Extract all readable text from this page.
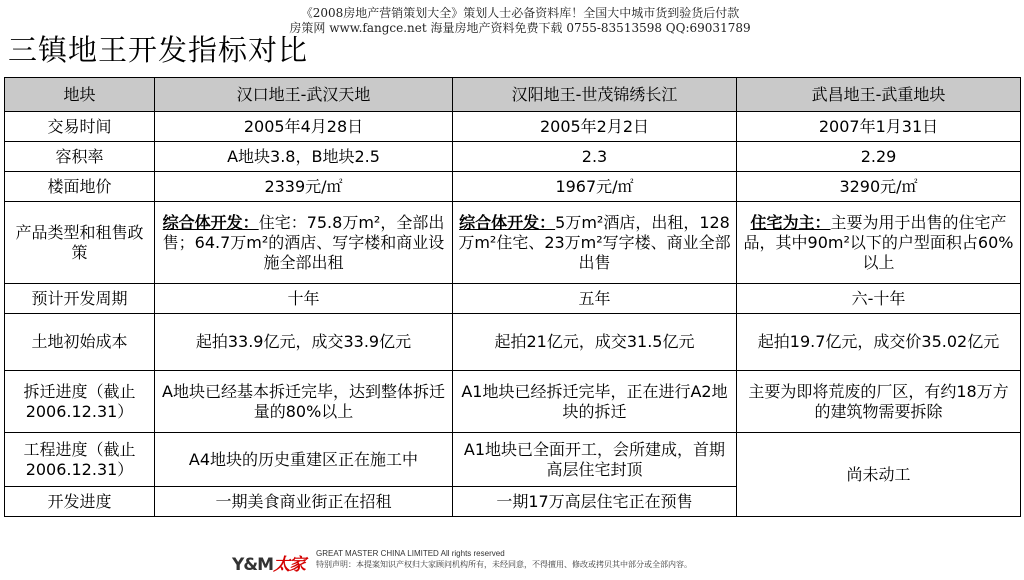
《2008房地产营销策划大全》策划人士必备资料库！全国大中城市货到验货后付款
房策网 www.fangce.net 海量房地产资料免费下载 0755-83513598 QQ:69031789
三镇地王开发指标对比
地块	汉口地王-武汉天地	汉阳地王-世茂锦绣长江	武昌地王-武重地块
交易时间	2005年4月28日	2005年2月2日	2007年1月31日
容积率	A地块3.8，B地块2.5	2.3	2.29
楼面地价	2339元/㎡	1967元/㎡	3290元/㎡
产品类型和租售政策	综合体开发：住宅：75.8万m²，全部出售；64.7万m²的酒店、写字楼和商业设施全部出租	综合体开发：5万m²酒店，出租，128万m²住宅、23万m²写字楼、商业全部出售	住宅为主：主要为用于出售的住宅产品，其中90m²以下的户型面积占60%以上
预计开发周期	十年	五年	六-十年
土地初始成本	起拍33.9亿元，成交33.9亿元	起拍21亿元，成交31.5亿元	起拍19.7亿元，成交价35.02亿元
拆迁进度（截止2006.12.31）	A地块已经基本拆迁完毕，达到整体拆迁量的80%以上	A1地块已经拆迁完毕，正在进行A2地块的拆迁	主要为即将荒废的厂区，有约18万方的建筑物需要拆除
工程进度（截止2006.12.31）	A4地块的历史重建区正在施工中	A1地块已全面开工，会所建成，首期高层住宅封顶	尚未动工
开发进度	一期美食商业街正在招租	一期17万高层住宅正在预售	
Y&M太家
GREAT MASTER CHINA LIMITED All rights reserved
特别声明：本提案知识产权归大家顾问机构所有，未经同意，不得擅用、修改或拷贝其中部分或全部内容。
